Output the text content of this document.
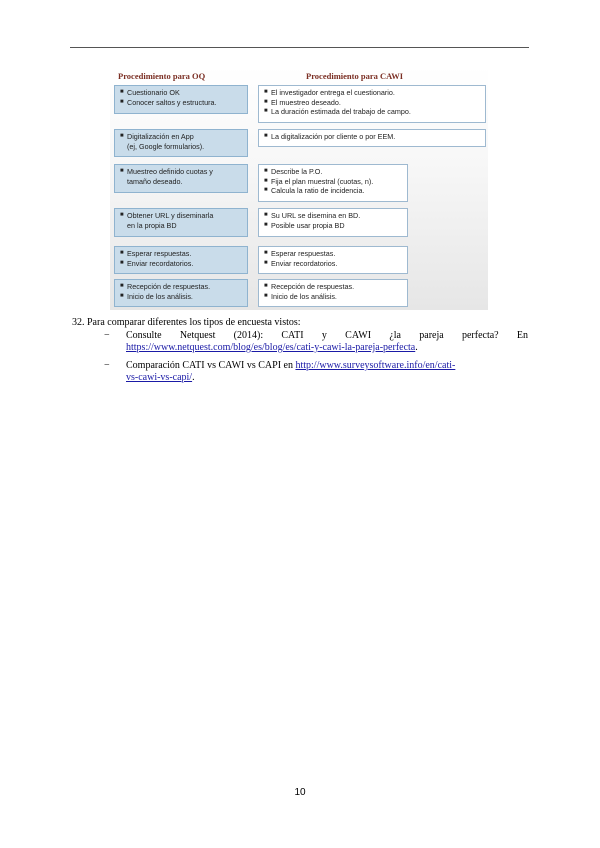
Procedimiento para OQ	Procedimiento para CAWI
■ Cuestionario OK
■ Conocer saltos y estructura.
■ El investigador entrega el cuestionario.
■ El muestreo deseado.
■ La duración estimada del trabajo de campo.
■ Digitalización en App
(ej, Google formularios).
■ La digitalización por cliente o por EEM.
■ Muestreo definido cuotas y
tamaño deseado.
■ Describe la P.O.
■ Fija el plan muestral (cuotas, n).
■ Calcula la ratio de incidencia.
■ Obtener URL y diseminarla
en la propia BD
■ Su URL se disemina en BD.
■ Posible usar propia BD
■ Esperar respuestas.
■ Enviar recordatorios.
■ Esperar respuestas.
■ Enviar recordatorios.
■ Recepción de respuestas.
■ Inicio de los análisis.
■ Recepción de respuestas.
■ Inicio de los análisis.
32. Para comparar diferentes los tipos de encuesta vistos:
− Consulte Netquest (2014): CATI y CAWI ¿la pareja perfecta? En
https://www.netquest.com/blog/es/blog/es/cati-y-cawi-la-pareja-perfecta.
− Comparación CATI vs CAWI vs CAPI en http://www.surveysoftware.info/en/cati-
vs-cawi-vs-capi/.
10
